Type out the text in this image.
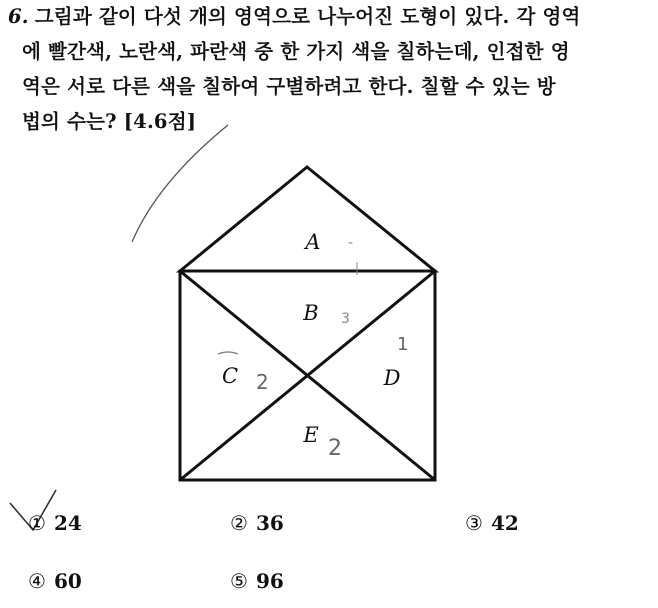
6. 그림과 같이 다섯 개의 영역으로 나누어진 도형이 있다. 각 영역
에 빨간색, 노란색, 파란색 중 한 가지 색을 칠하는데, 인접한 영
역은 서로 다른 색을 칠하여 구별하려고 한다. 칠할 수 있는 방
법의 수는? [4.6점]
A
B
C	D
E
2
2
1
3
-
① 24	② 36	③ 42
④ 60	⑤ 96
